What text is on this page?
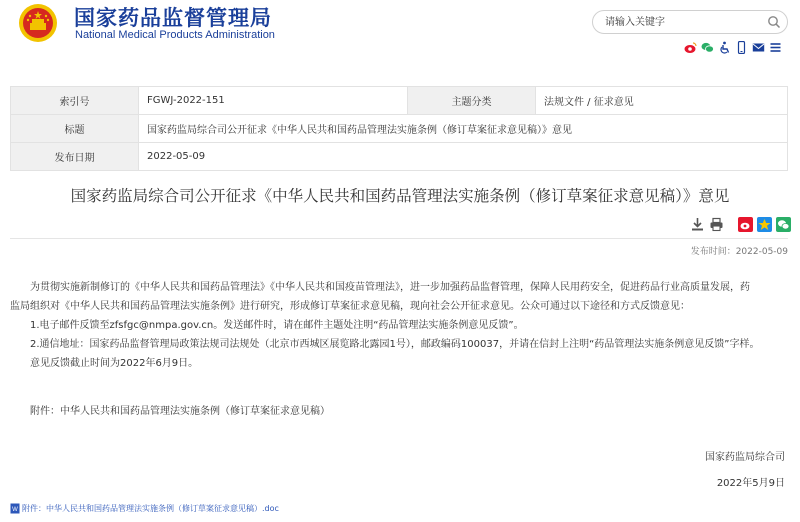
国家药品监督管理局
National Medical Products Administration
请输入关键字
索引号	FGWJ-2022-151	主题分类	法规文件 / 征求意见
标题	国家药监局综合司公开征求《中华人民共和国药品管理法实施条例（修订草案征求意见稿）》意见		
发布日期	2022-05-09		
国家药监局综合司公开征求《中华人民共和国药品管理法实施条例（修订草案征求意见稿）》意见
发布时间：2022-05-09

为贯彻实施新制修订的《中华人民共和国药品管理法》《中华人民共和国疫苗管理法》，进一步加强药品监督管理，保障人民用药安全，促进药品行业高质量发展，药

监局组织对《中华人民共和国药品管理法实施条例》进行研究，形成修订草案征求意见稿，现向社会公开征求意见。公众可通过以下途径和方式反馈意见：

1.电子邮件反馈至zfsfgc@nmpa.gov.cn。发送邮件时，请在邮件主题处注明“药品管理法实施条例意见反馈”。

2.通信地址：国家药品监督管理局政策法规司法规处（北京市西城区展览路北露园1号），邮政编码100037，并请在信封上注明“药品管理法实施条例意见反馈”字样。

意见反馈截止时间为2022年6月9日。

附件：中华人民共和国药品管理法实施条例（修订草案征求意见稿）
国家药监局综合司
2022年5月9日
W 附件：中华人民共和国药品管理法实施条例（修订草案征求意见稿）.doc
